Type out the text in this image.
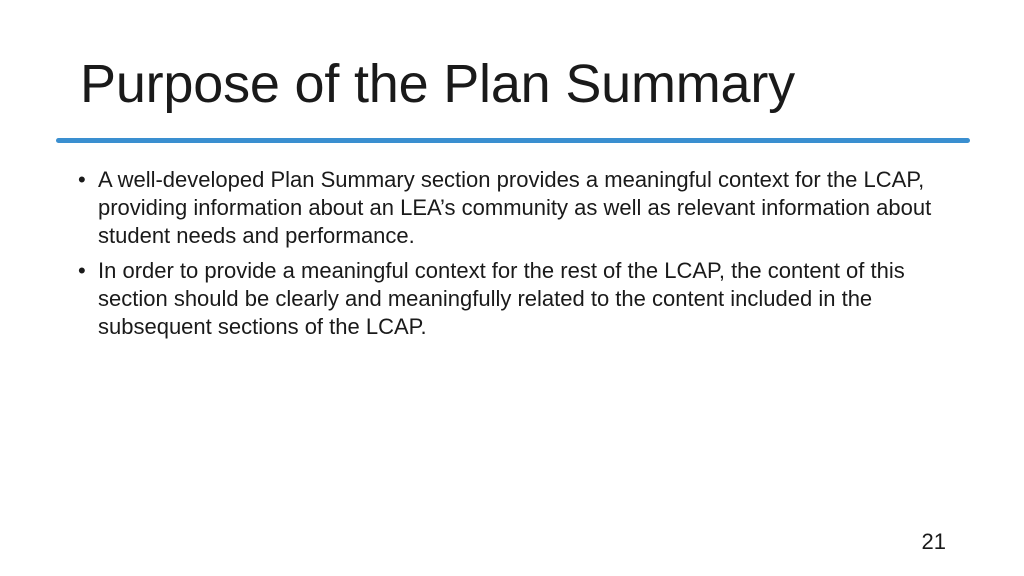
Purpose of the Plan Summary
• A well-developed Plan Summary section provides a meaningful context for the LCAP, providing information about an LEA’s community as well as relevant information about student needs and performance.
• In order to provide a meaningful context for the rest of the LCAP, the content of this section should be clearly and meaningfully related to the content included in the subsequent sections of the LCAP.
21
